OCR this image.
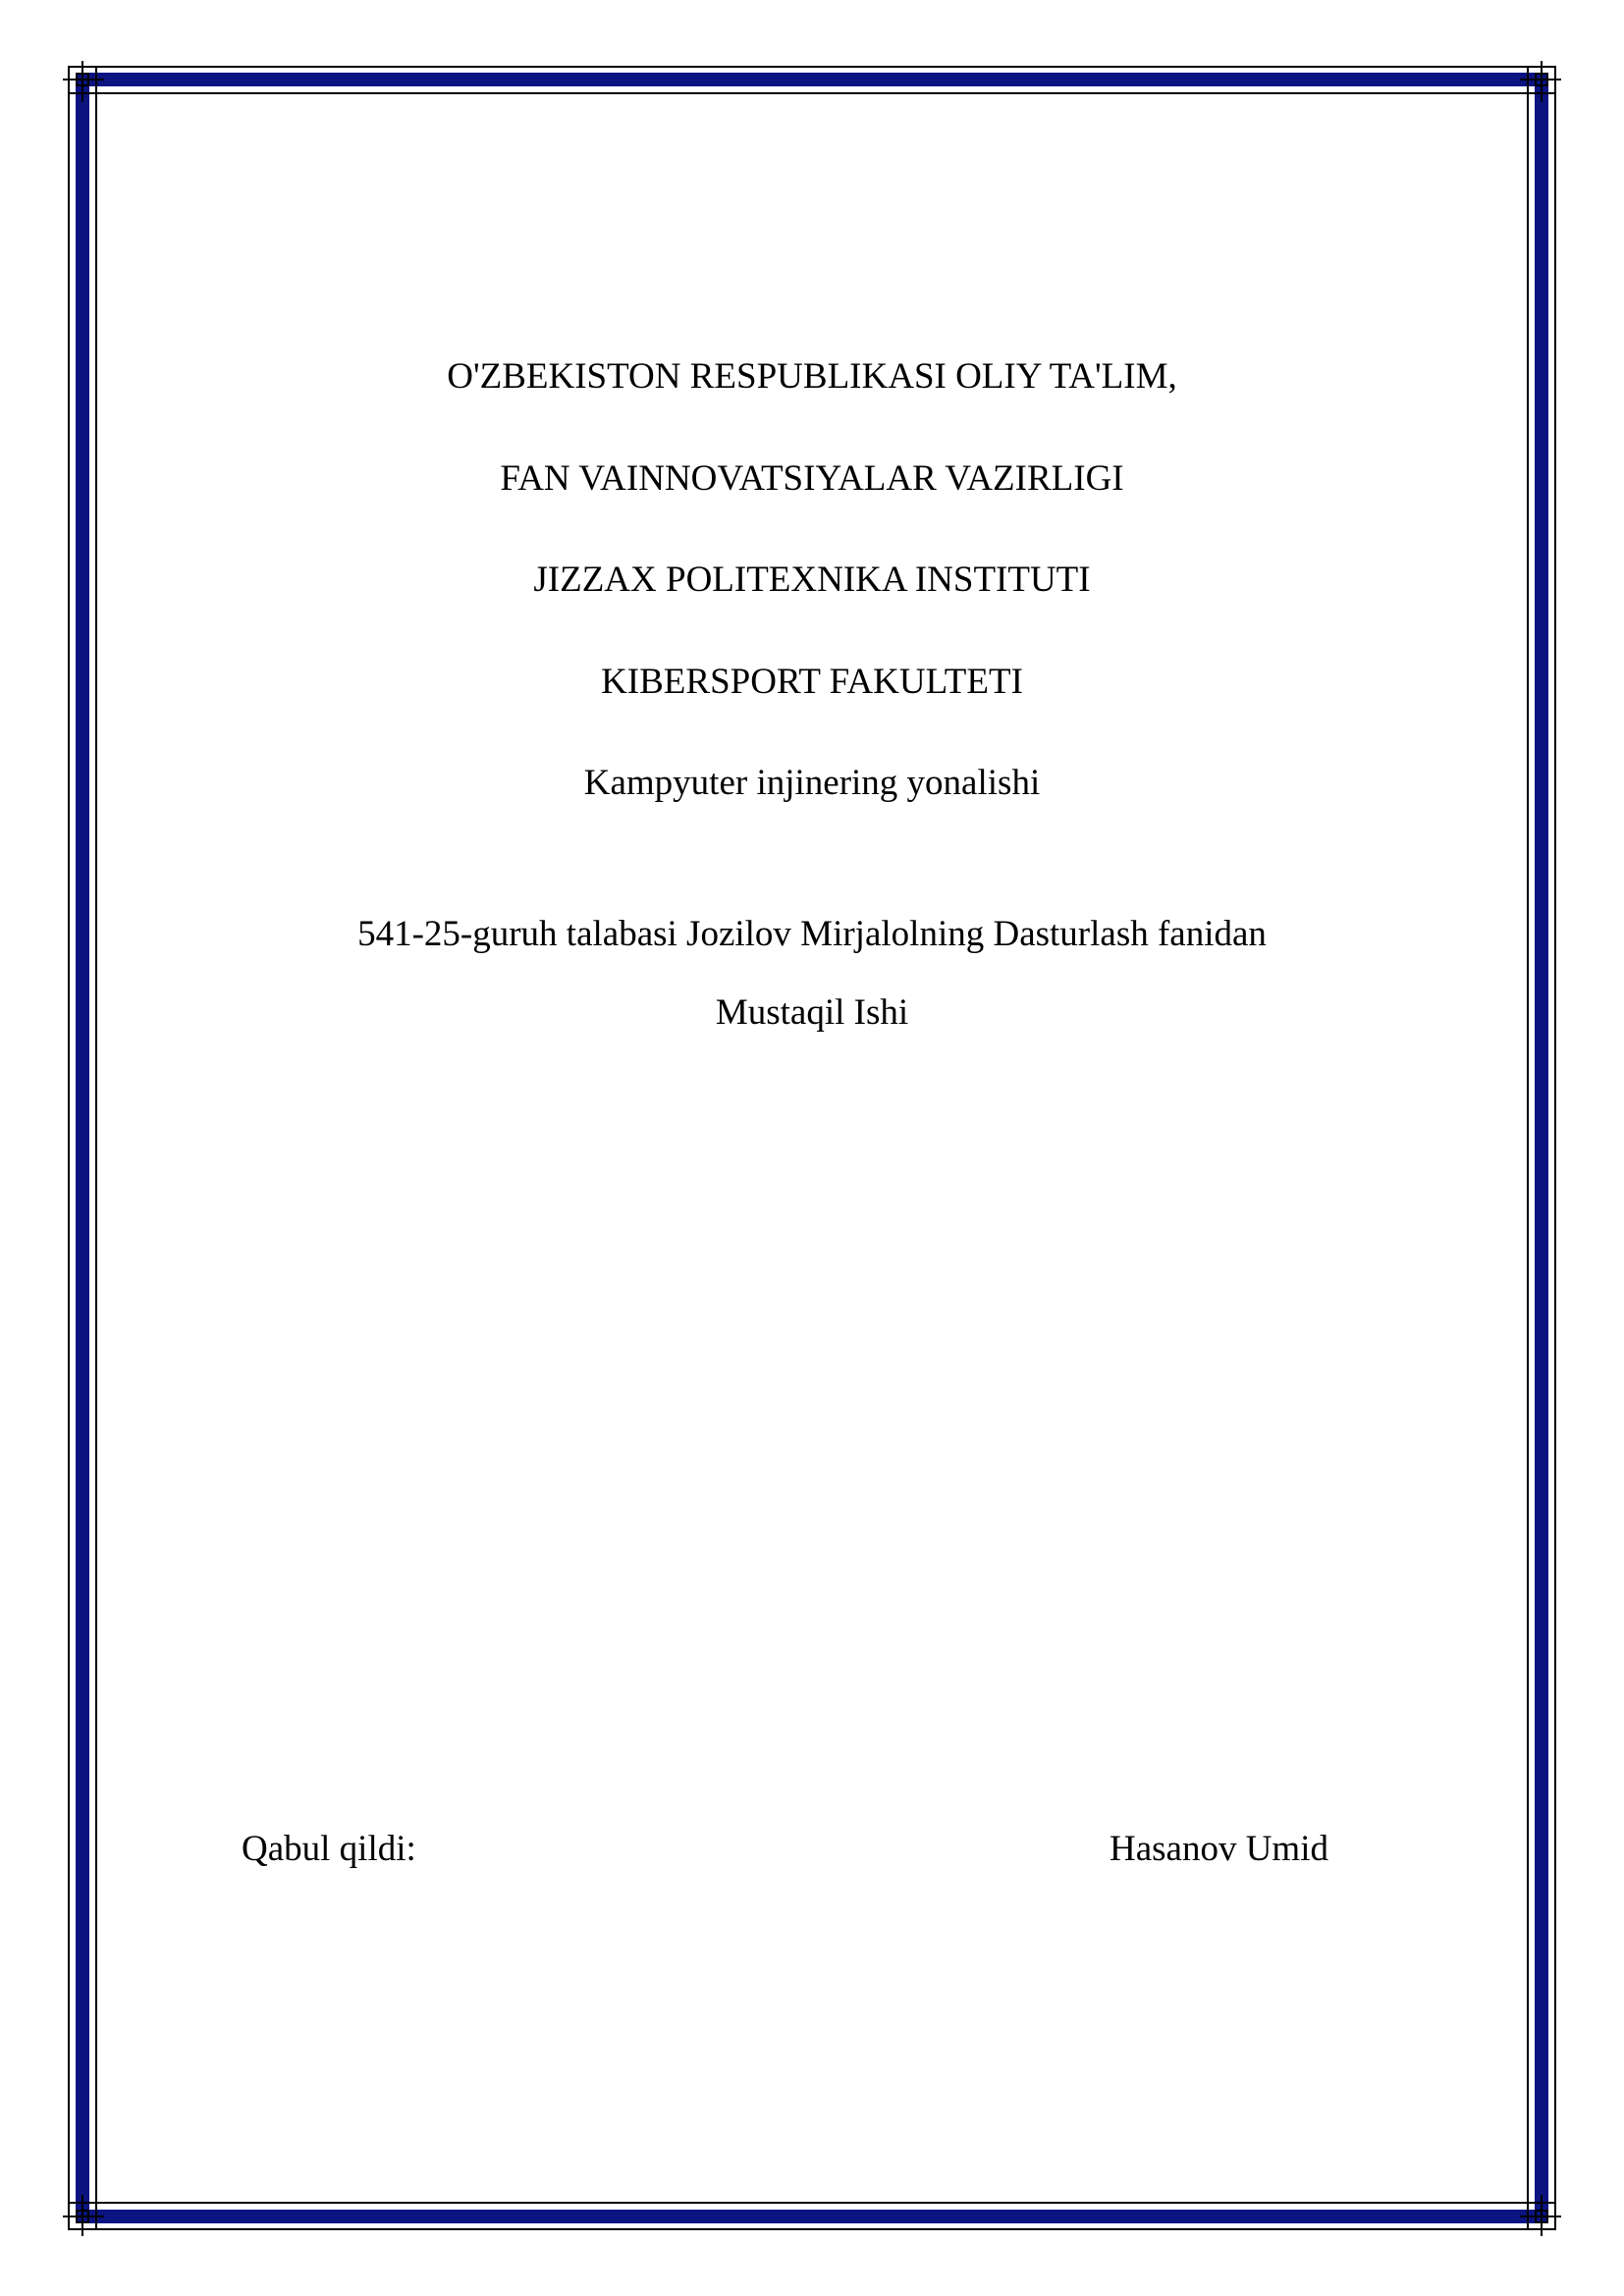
O'ZBEKISTON RESPUBLIKASI OLIY TA'LIM,

FAN VAINNOVATSIYALAR VAZIRLIGI

JIZZAX POLITEXNIKA INSTITUTI

KIBERSPORT FAKULTETI

Kampyuter injinering yonalishi

541-25-guruh talabasi Jozilov Mirjalolning Dasturlash fanidan

Mustaqil Ishi

Qabul qildi:	Hasanov Umid
